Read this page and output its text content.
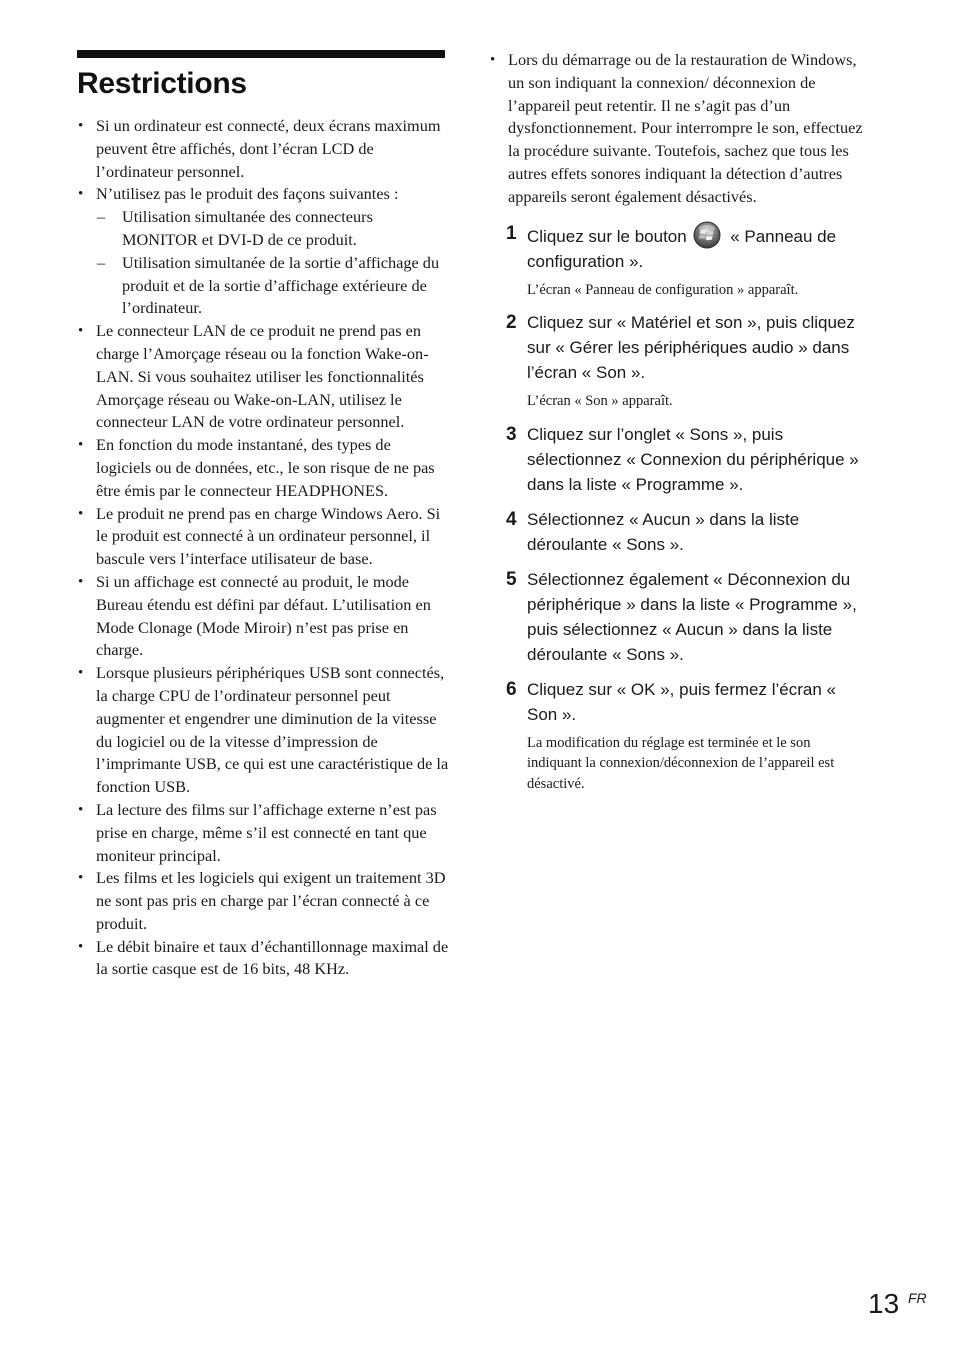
Restrictions
• Si un ordinateur est connecté, deux écrans maximum peuvent être affichés, dont l’écran LCD de l’ordinateur personnel.
• N’utilisez pas le produit des façons suivantes :
– Utilisation simultanée des connecteurs MONITOR et DVI-D de ce produit.
– Utilisation simultanée de la sortie d’affichage du produit et de la sortie d’affichage extérieure de l’ordinateur.
• Le connecteur LAN de ce produit ne prend pas en charge l’Amorçage réseau ou la fonction Wake-on-LAN. Si vous souhaitez utiliser les fonctionnalités Amorçage réseau ou Wake-on-LAN, utilisez le connecteur LAN de votre ordinateur personnel.
• En fonction du mode instantané, des types de logiciels ou de données, etc., le son risque de ne pas être émis par le connecteur HEADPHONES.
• Le produit ne prend pas en charge Windows Aero. Si le produit est connecté à un ordinateur personnel, il bascule vers l’interface utilisateur de base.
• Si un affichage est connecté au produit, le mode Bureau étendu est défini par défaut. L’utilisation en Mode Clonage (Mode Miroir) n’est pas prise en charge.
• Lorsque plusieurs périphériques USB sont connectés, la charge CPU de l’ordinateur personnel peut augmenter et engendrer une diminution de la vitesse du logiciel ou de la vitesse d’impression de l’imprimante USB, ce qui est une caractéristique de la fonction USB.
• La lecture des films sur l’affichage externe n’est pas prise en charge, même s’il est connecté en tant que moniteur principal.
• Les films et les logiciels qui exigent un traitement 3D ne sont pas pris en charge par l’écran connecté à ce produit.
• Le débit binaire et taux d’échantillonnage maximal de la sortie casque est de 16 bits, 48 KHz.
• Lors du démarrage ou de la restauration de Windows, un son indiquant la connexion/ déconnexion de l’appareil peut retentir. Il ne s’agit pas d’un dysfonctionnement. Pour interrompre le son, effectuez la procédure suivante. Toutefois, sachez que tous les autres effets sonores indiquant la détection d’autres appareils seront également désactivés.
1 Cliquez sur le bouton	« Panneau de configuration ».

L’écran « Panneau de configuration » apparaît.

2 Cliquez sur « Matériel et son », puis cliquez sur « Gérer les périphériques audio » dans l’écran « Son ».

L’écran « Son » apparaît.

3 Cliquez sur l’onglet « Sons », puis sélectionnez « Connexion du périphérique » dans la liste « Programme ».
4 Sélectionnez « Aucun » dans la liste déroulante « Sons ».
5 Sélectionnez également « Déconnexion du périphérique » dans la liste « Programme », puis sélectionnez « Aucun » dans la liste déroulante « Sons ».
6 Cliquez sur « OK », puis fermez l’écran « Son ».

La modification du réglage est terminée et le son indiquant la connexion/déconnexion de l’appareil est désactivé.

13 FR
